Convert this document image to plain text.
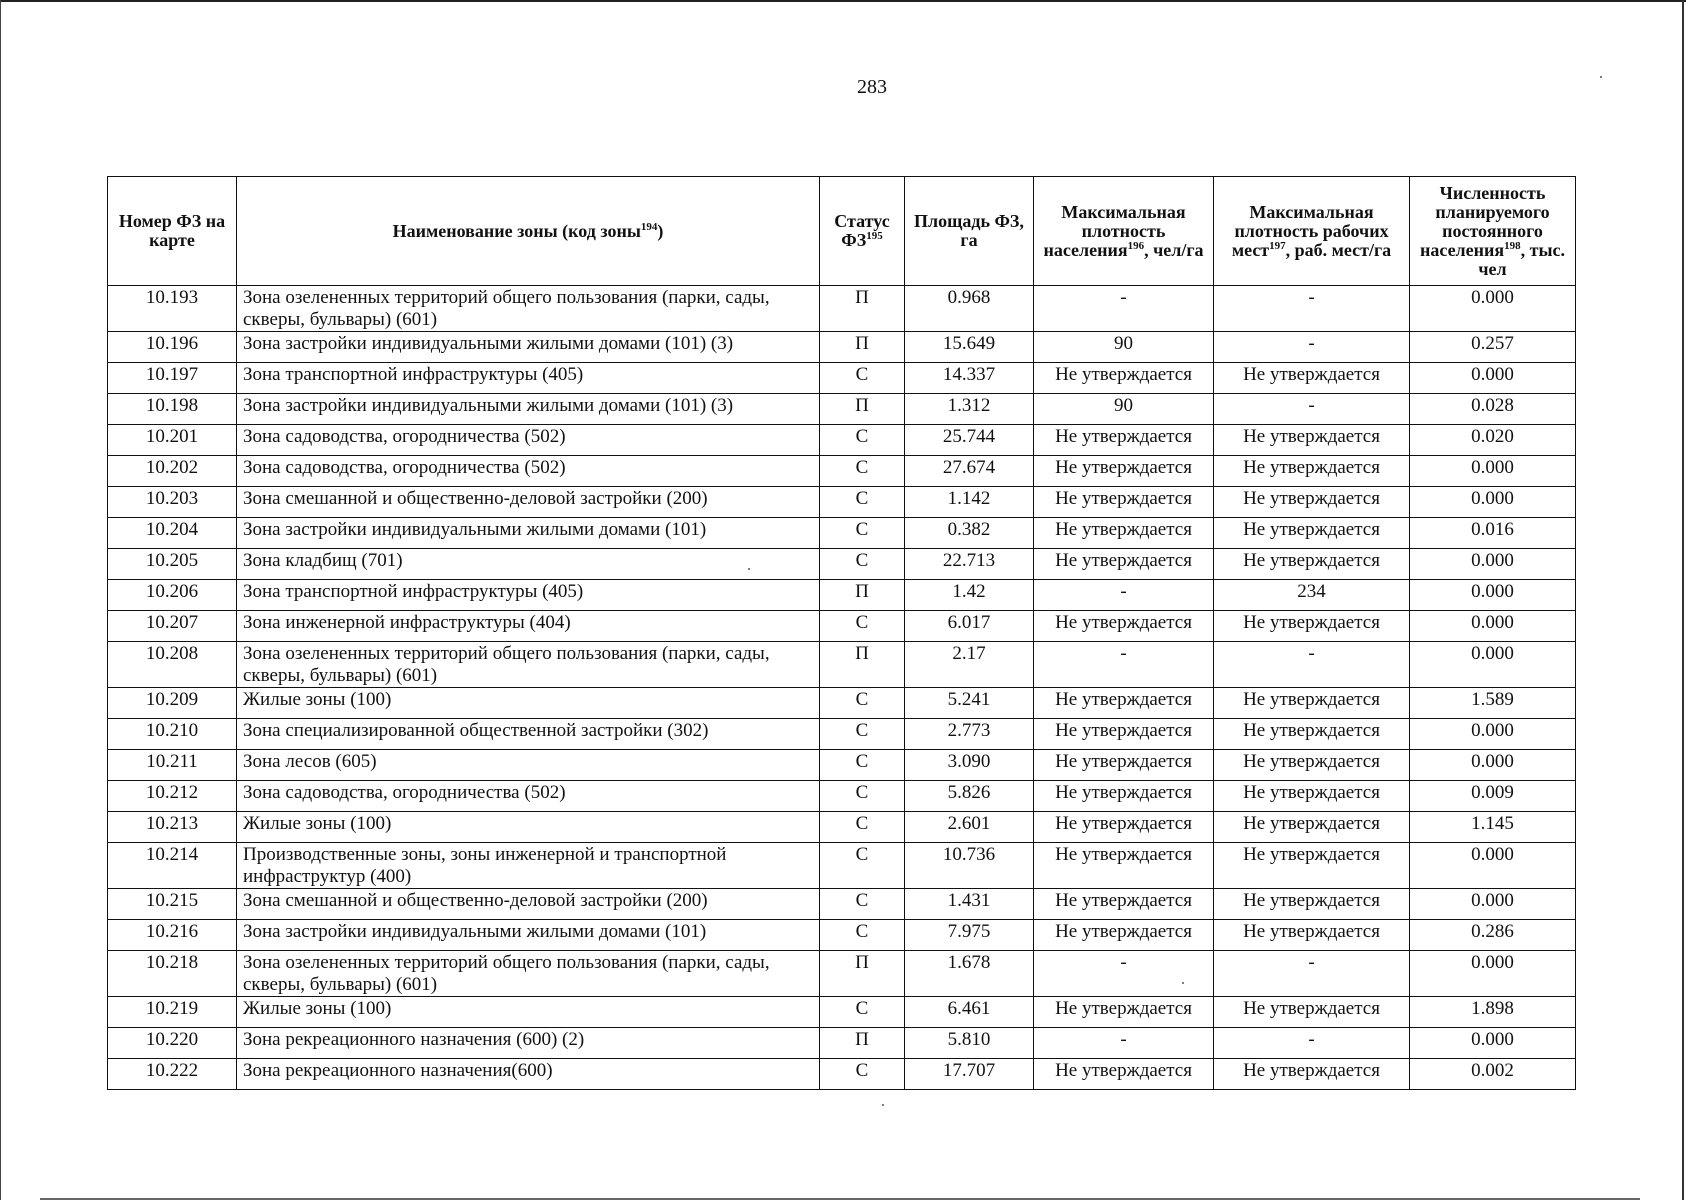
283
Номер ФЗ на карте	Наименование зоны (код зоны$^{194}$)	Статус ФЗ$^{195}$	Площадь ФЗ, га	Максимальная плотность населения$^{196}$, чел/га	Максимальная плотность рабочих мест$^{197}$, раб. мест/га	Численность планируемого постоянного населения$^{198}$, тыс. чел
10.193	Зона озелененных территорий общего пользования (парки, сады, скверы, бульвары) (601)	П	0.968	-	-	0.000
10.196	Зона застройки индивидуальными жилыми домами (101) (3)	П	15.649	90	-	0.257
10.197	Зона транспортной инфраструктуры (405)	С	14.337	Не утверждается	Не утверждается	0.000
10.198	Зона застройки индивидуальными жилыми домами (101) (3)	П	1.312	90	-	0.028
10.201	Зона садоводства, огородничества (502)	С	25.744	Не утверждается	Не утверждается	0.020
10.202	Зона садоводства, огородничества (502)	С	27.674	Не утверждается	Не утверждается	0.000
10.203	Зона смешанной и общественно-деловой застройки (200)	С	1.142	Не утверждается	Не утверждается	0.000
10.204	Зона застройки индивидуальными жилыми домами (101)	С	0.382	Не утверждается	Не утверждается	0.016
10.205	Зона кладбищ (701)	С	22.713	Не утверждается	Не утверждается	0.000
10.206	Зона транспортной инфраструктуры (405)	П	1.42	-	234	0.000
10.207	Зона инженерной инфраструктуры (404)	С	6.017	Не утверждается	Не утверждается	0.000
10.208	Зона озелененных территорий общего пользования (парки, сады, скверы, бульвары) (601)	П	2.17	-	-	0.000
10.209	Жилые зоны (100)	С	5.241	Не утверждается	Не утверждается	1.589
10.210	Зона специализированной общественной застройки (302)	С	2.773	Не утверждается	Не утверждается	0.000
10.211	Зона лесов (605)	С	3.090	Не утверждается	Не утверждается	0.000
10.212	Зона садоводства, огородничества (502)	С	5.826	Не утверждается	Не утверждается	0.009
10.213	Жилые зоны (100)	С	2.601	Не утверждается	Не утверждается	1.145
10.214	Производственные зоны, зоны инженерной и транспортной инфраструктур (400)	С	10.736	Не утверждается	Не утверждается	0.000
10.215	Зона смешанной и общественно-деловой застройки (200)	С	1.431	Не утверждается	Не утверждается	0.000
10.216	Зона застройки индивидуальными жилыми домами (101)	С	7.975	Не утверждается	Не утверждается	0.286
10.218	Зона озелененных территорий общего пользования (парки, сады, скверы, бульвары) (601)	П	1.678	-	-	0.000
10.219	Жилые зоны (100)	С	6.461	Не утверждается	Не утверждается	1.898
10.220	Зона рекреационного назначения (600) (2)	П	5.810	-	-	0.000
10.222	Зона рекреационного назначения(600)	С	17.707	Не утверждается	Не утверждается	0.002
